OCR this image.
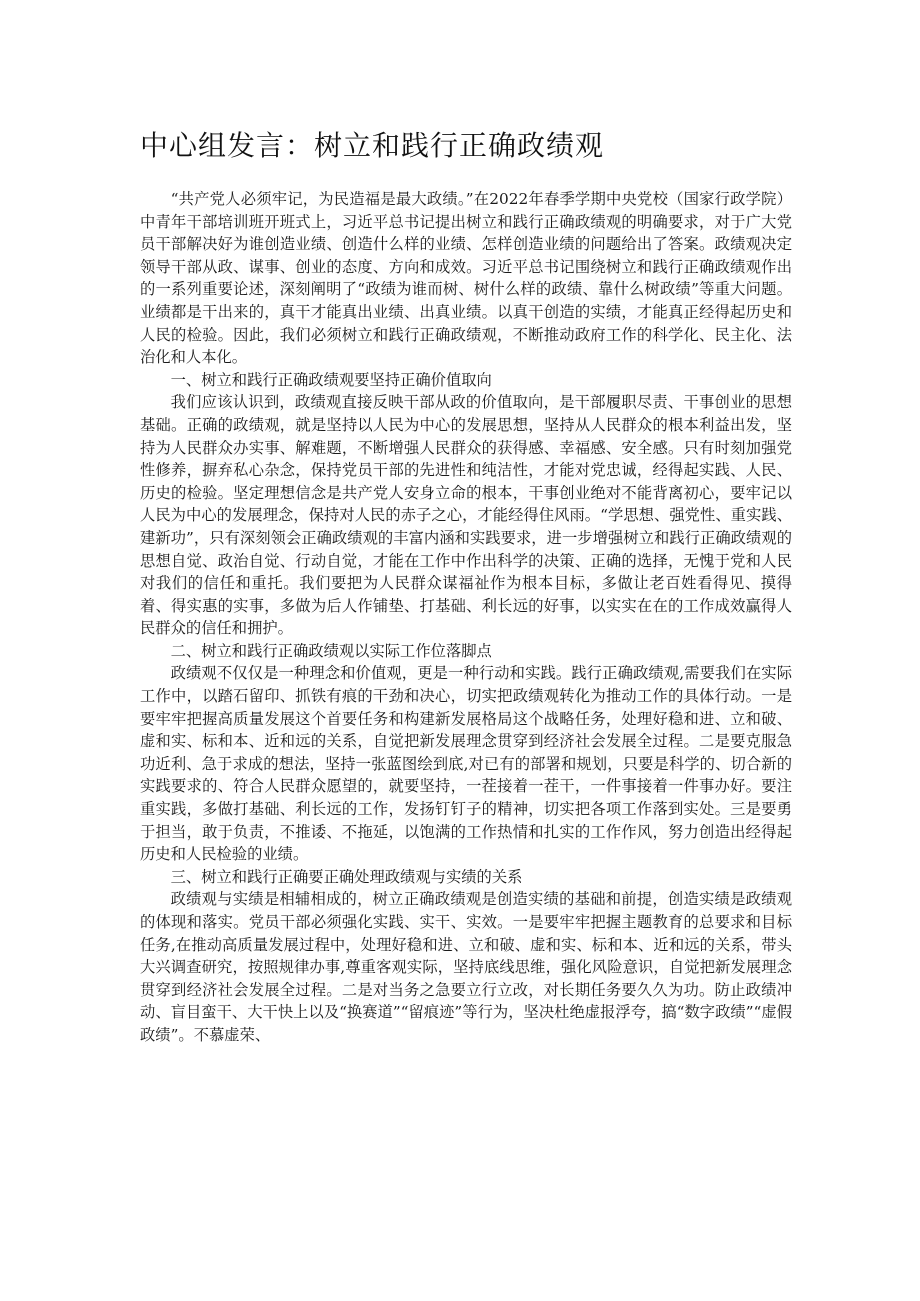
中心组发言：树立和践行正确政绩观

“共产党人必须牢记，为民造福是最大政绩。”在2022年春季学期中央党校（国家行政学院）中青年干部培训班开班式上，习近平总书记提出树立和践行正确政绩观的明确要求，对于广大党员干部解决好为谁创造业绩、创造什么样的业绩、怎样创造业绩的问题给出了答案。政绩观决定领导干部从政、谋事、创业的态度、方向和成效。习近平总书记围绕树立和践行正确政绩观作出的一系列重要论述，深刻阐明了“政绩为谁而树、树什么样的政绩、靠什么树政绩”等重大问题。业绩都是干出来的，真干才能真出业绩、出真业绩。以真干创造的实绩，才能真正经得起历史和人民的检验。因此，我们必须树立和践行正确政绩观，不断推动政府工作的科学化、民主化、法治化和人本化。

一、树立和践行正确政绩观要坚持正确价值取向

我们应该认识到，政绩观直接反映干部从政的价值取向，是干部履职尽责、干事创业的思想基础。正确的政绩观，就是坚持以人民为中心的发展思想，坚持从人民群众的根本利益出发，坚持为人民群众办实事、解难题，不断增强人民群众的获得感、幸福感、安全感。只有时刻加强党性修养，摒弃私心杂念，保持党员干部的先进性和纯洁性，才能对党忠诚，经得起实践、人民、历史的检验。坚定理想信念是共产党人安身立命的根本，干事创业绝对不能背离初心，要牢记以人民为中心的发展理念，保持对人民的赤子之心，才能经得住风雨。“学思想、强党性、重实践、建新功”，只有深刻领会正确政绩观的丰富内涵和实践要求，进一步增强树立和践行正确政绩观的思想自觉、政治自觉、行动自觉，才能在工作中作出科学的决策、正确的选择，无愧于党和人民对我们的信任和重托。我们要把为人民群众谋福祉作为根本目标，多做让老百姓看得见、摸得着、得实惠的实事，多做为后人作铺垫、打基础、利长远的好事，以实实在在的工作成效赢得人民群众的信任和拥护。

二、树立和践行正确政绩观以实际工作位落脚点

政绩观不仅仅是一种理念和价值观，更是一种行动和实践。践行正确政绩观,需要我们在实际工作中，以踏石留印、抓铁有痕的干劲和决心，切实把政绩观转化为推动工作的具体行动。一是要牢牢把握高质量发展这个首要任务和构建新发展格局这个战略任务，处理好稳和进、立和破、虚和实、标和本、近和远的关系，自觉把新发展理念贯穿到经济社会发展全过程。二是要克服急功近利、急于求成的想法，坚持一张蓝图绘到底,对已有的部署和规划，只要是科学的、切合新的实践要求的、符合人民群众愿望的，就要坚持，一茬接着一茬干，一件事接着一件事办好。要注重实践，多做打基础、利长远的工作，发扬钉钉子的精神，切实把各项工作落到实处。三是要勇于担当，敢于负责，不推诿、不拖延，以饱满的工作热情和扎实的工作作风，努力创造出经得起历史和人民检验的业绩。

三、树立和践行正确要正确处理政绩观与实绩的关系

政绩观与实绩是相辅相成的，树立正确政绩观是创造实绩的基础和前提，创造实绩是政绩观的体现和落实。党员干部必须强化实践、实干、实效。一是要牢牢把握主题教育的总要求和目标任务,在推动高质量发展过程中，处理好稳和进、立和破、虚和实、标和本、近和远的关系，带头大兴调查研究，按照规律办事,尊重客观实际，坚持底线思维，强化风险意识，自觉把新发展理念贯穿到经济社会发展全过程。二是对当务之急要立行立改，对长期任务要久久为功。防止政绩冲动、盲目蛮干、大干快上以及“换赛道”“留痕迹”等行为，坚决杜绝虚报浮夸，搞“数字政绩”“虚假政绩”。不慕虚荣、
